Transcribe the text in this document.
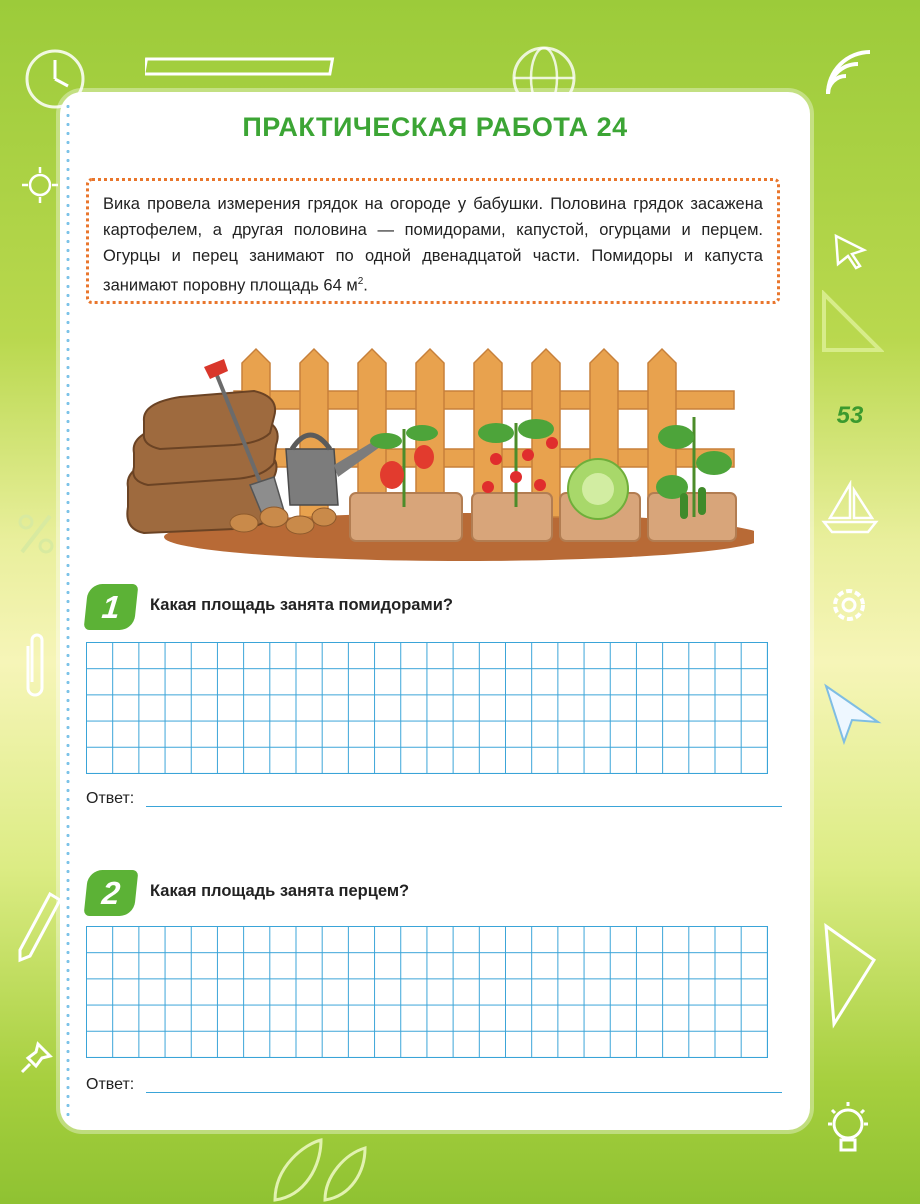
53
ПРАКТИЧЕСКАЯ РАБОТА 24
Вика провела измерения грядок на огороде у бабушки. Половина грядок засажена картофелем, а другая половина — помидорами, капустой, огурцами и перцем. Огурцы и перец занимают по одной двенадцатой части. Помидоры и капуста занимают поровну площадь 64 $м^2$.
1	Какая площадь занята помидорами?
Ответ:
2	Какая площадь занята перцем?
Ответ:
